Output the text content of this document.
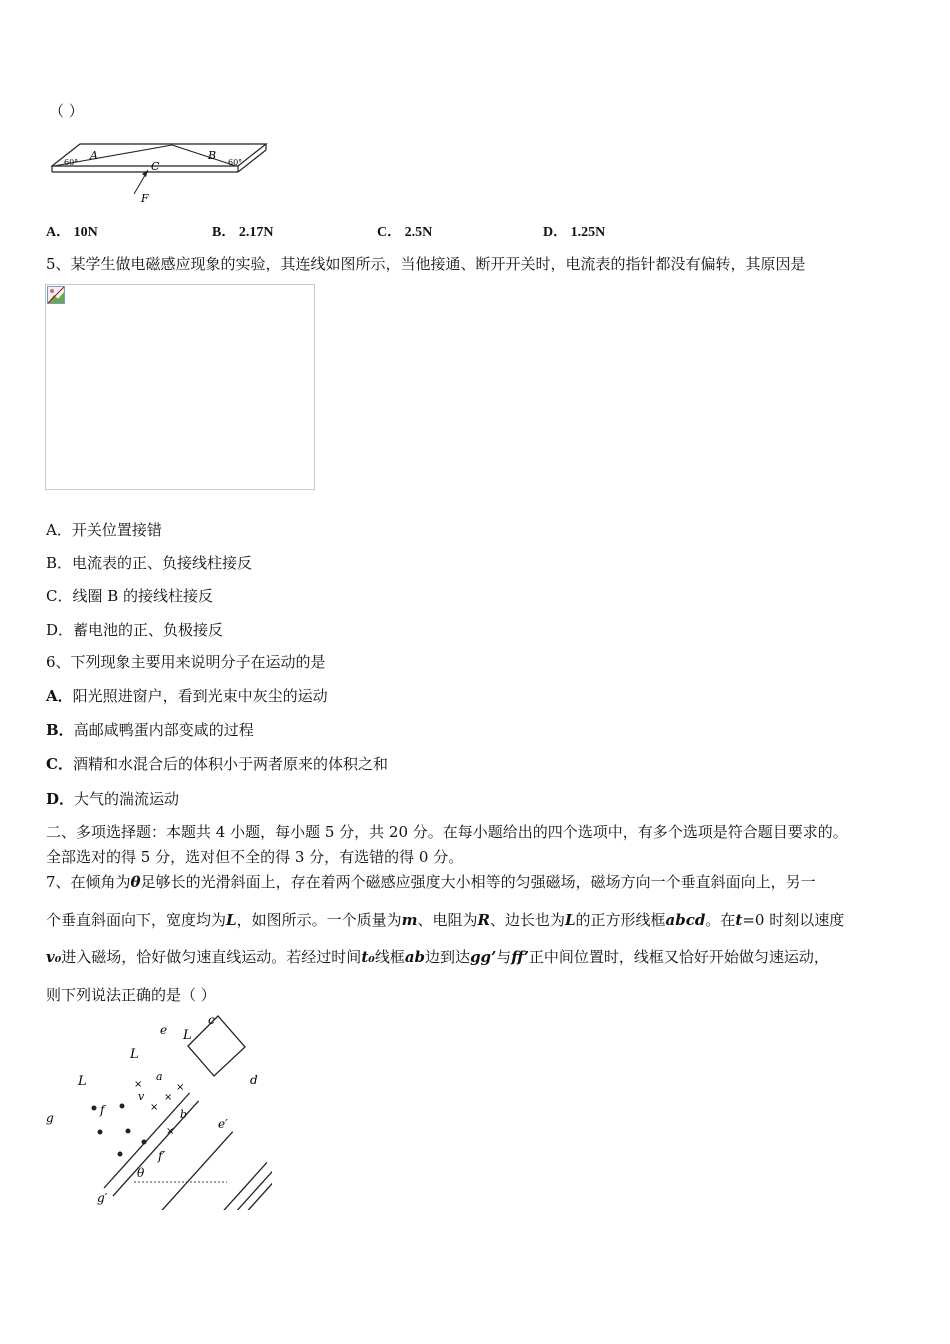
（ ）
60°	60°
A	B
C
F
A． 10N	B． 2.17N	C． 2.5N	D． 1.25N
5、某学生做电磁感应现象的实验，其连线如图所示，当他接通、断开开关时，电流表的指针都没有偏转，其原因是
A．开关位置接错
B．电流表的正、负接线柱接反
C．线圈 B 的接线柱接反
D．蓄电池的正、负极接反
6、下列现象主要用来说明分子在运动的是
A．阳光照进窗户，看到光束中灰尘的运动
B．高邮咸鸭蛋内部变咸的过程
C．酒精和水混合后的体积小于两者原来的体积之和
D．大气的湍流运动
二、多项选择题：本题共 4 小题，每小题 5 分，共 20 分。在每小题给出的四个选项中，有多个选项是符合题目要求的。
全部选对的得 5 分，选对但不全的得 3 分，有选错的得 0 分。
7、在倾角为θ足够长的光滑斜面上，存在着两个磁感应强度大小相等的匀强磁场，磁场方向一个垂直斜面向上，另一
个垂直斜面向下，宽度均为L，如图所示。一个质量为m、电阻为R、边长也为L的正方形线框abcd。在t=0 时刻以速度
v₀进入磁场，恰好做匀速直线运动。若经过时间t₀线框ab边到达gg’与ff’正中间位置时，线框又恰好开始做匀速运动，
则下列说法正确的是（ ）
×
×
×
×
×
L
L
L
c
d
e
e′
a
b
f
f′
g
g′
v
θ
